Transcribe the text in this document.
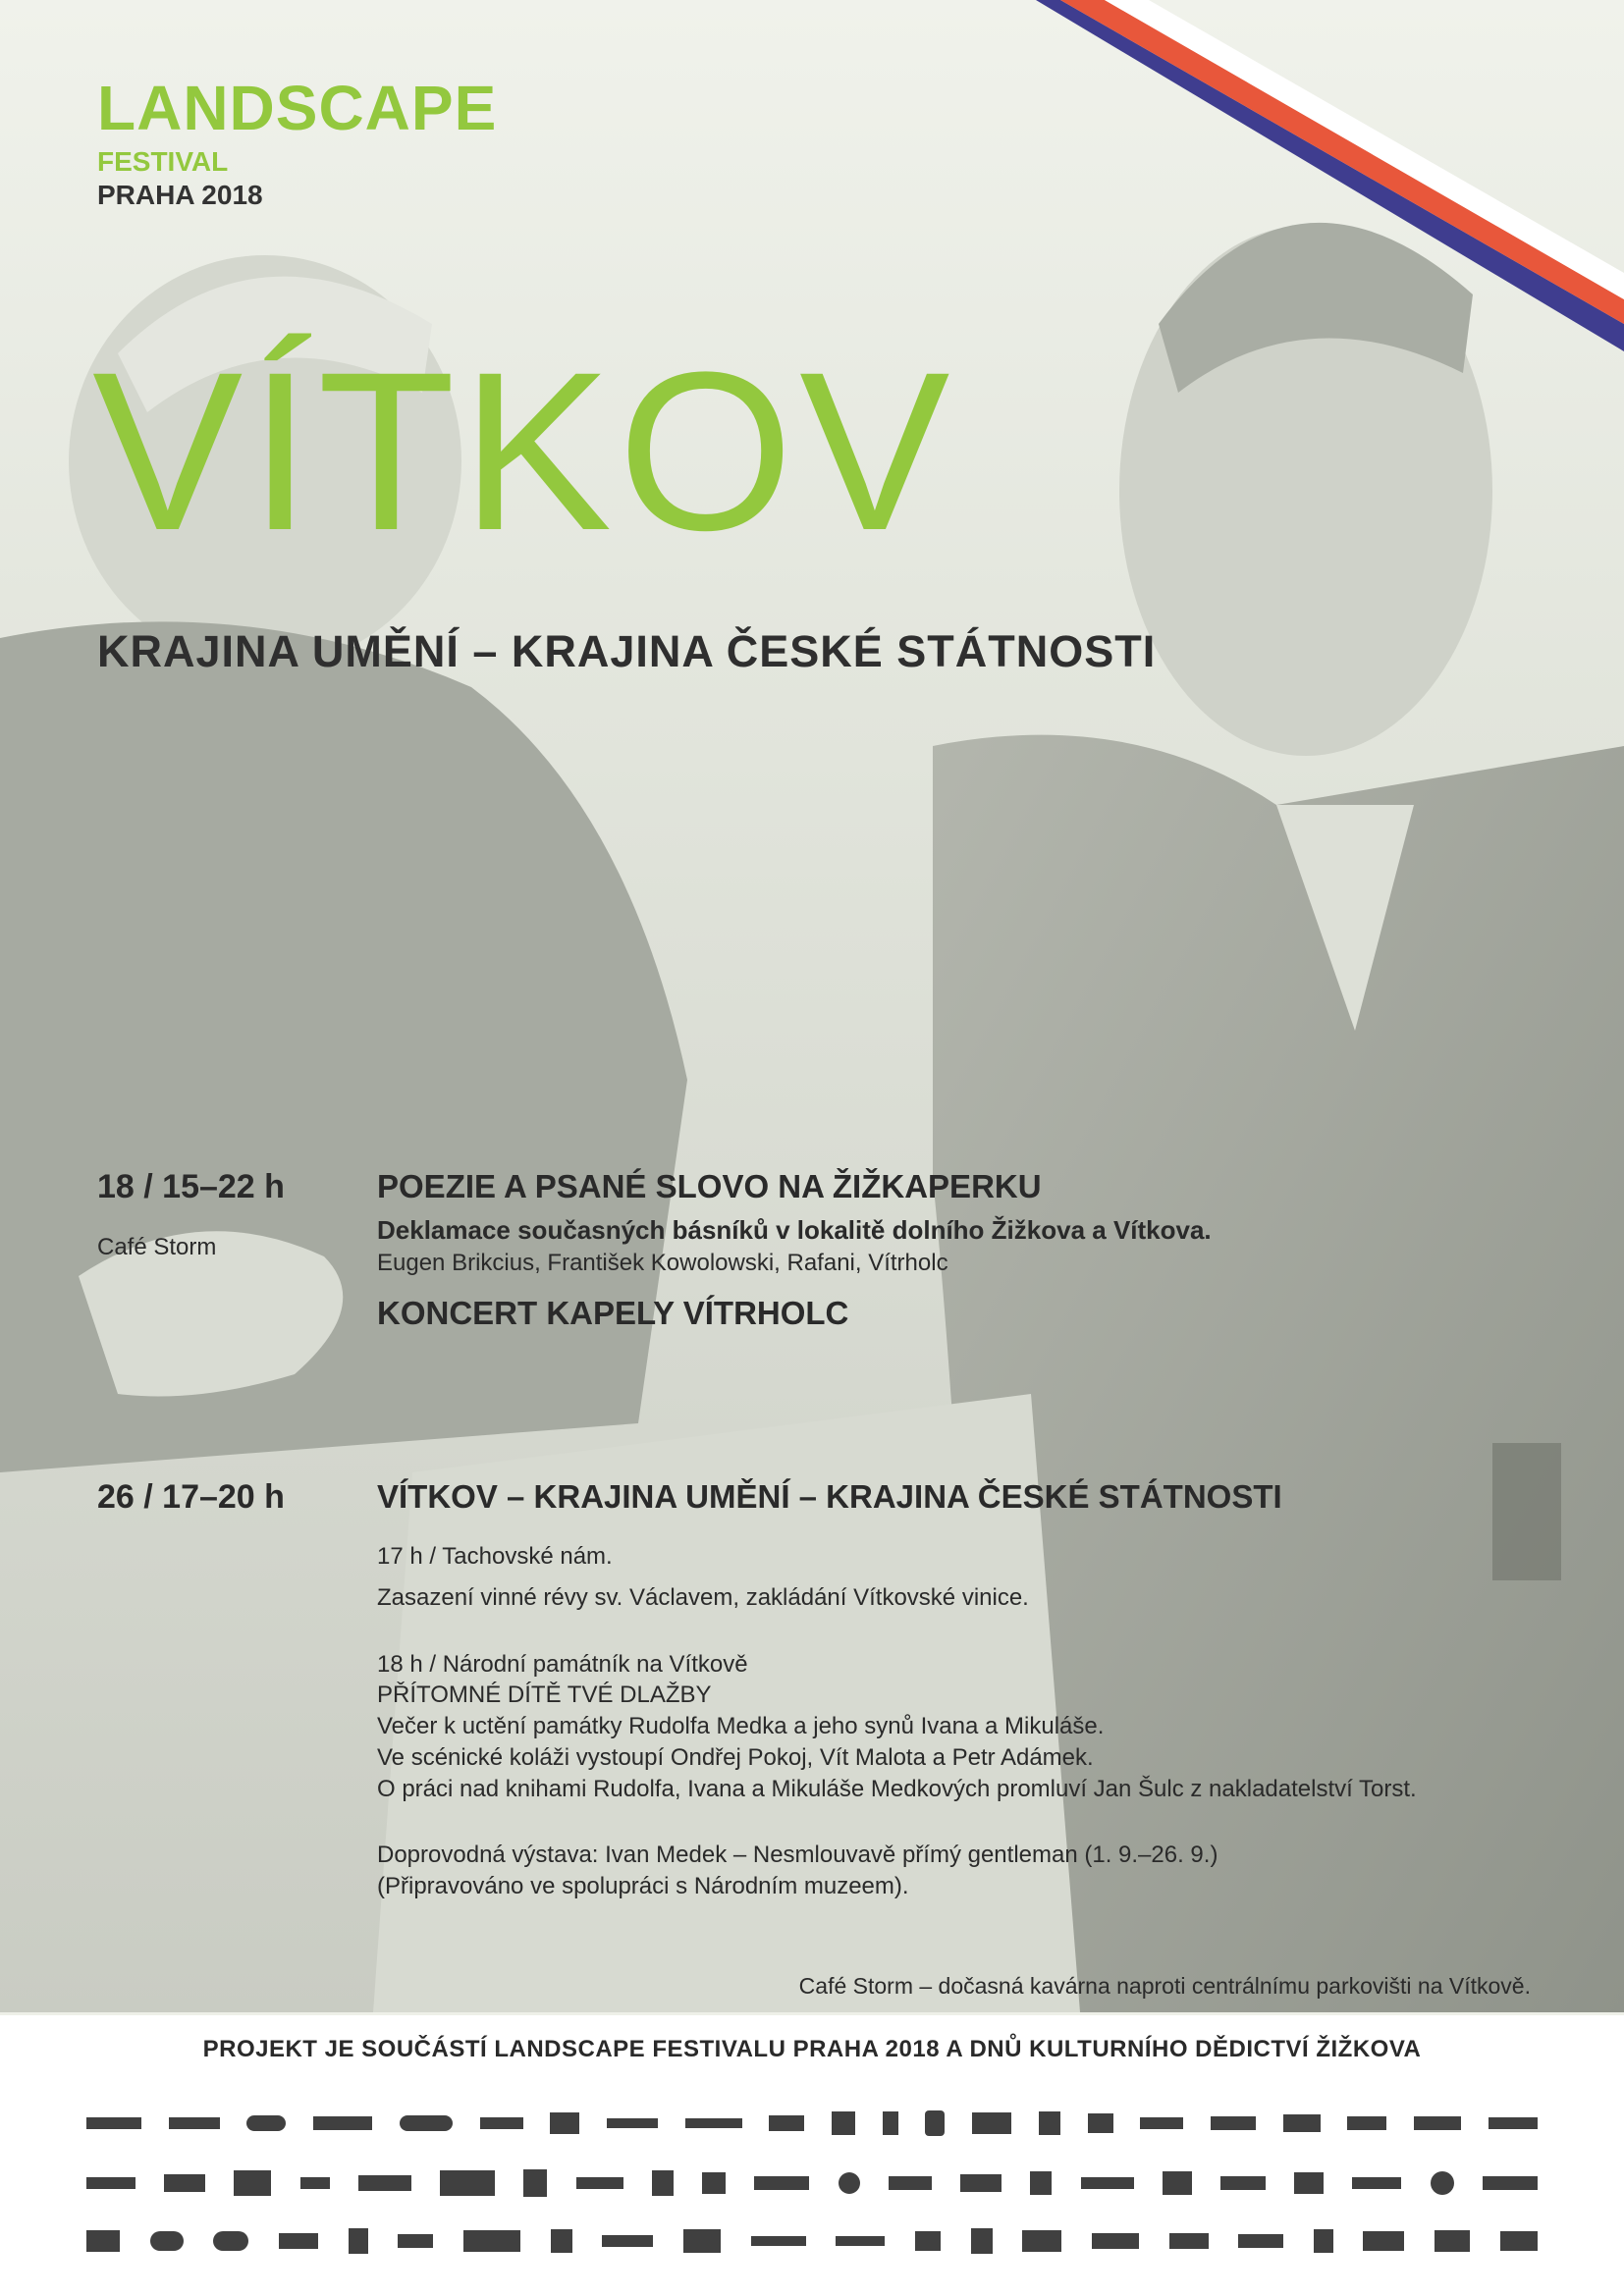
LANDSCAPE
FESTIVAL
PRAHA 2018
VÍTKOV
KRAJINA UMĚNÍ – KRAJINA ČESKÉ STÁTNOSTI
18 / 15–22 h
Café Storm
POEZIE A PSANÉ SLOVO NA ŽIŽKAPERKU
Deklamace současných básníků v lokalitě dolního Žižkova a Vítkova.
Eugen Brikcius, František Kowolowski, Rafani, Vítrholc
KONCERT KAPELY VÍTRHOLC
26 / 17–20 h	VÍTKOV – KRAJINA UMĚNÍ – KRAJINA ČESKÉ STÁTNOSTI
17 h / Tachovské nám.
Zasazení vinné révy sv. Václavem, zakládání Vítkovské vinice.
18 h / Národní památník na Vítkově
PŘÍTOMNÉ DÍTĚ TVÉ DLAŽBY
Večer k uctění památky Rudolfa Medka a jeho synů Ivana a Mikuláše.
Ve scénické koláži vystoupí Ondřej Pokoj, Vít Malota a Petr Adámek.
O práci nad knihami Rudolfa, Ivana a Mikuláše Medkových promluví Jan Šulc z nakladatelství Torst.
Doprovodná výstava: Ivan Medek – Nesmlouvavě přímý gentleman (1. 9.–26. 9.)
(Připravováno ve spolupráci s Národním muzeem).
Café Storm – dočasná kavárna naproti centrálnímu parkovišti na Vítkově.
PROJEKT JE SOUČÁSTÍ LANDSCAPE FESTIVALU PRAHA 2018 A DNŮ KULTURNÍHO DĚDICTVÍ ŽIŽKOVA
